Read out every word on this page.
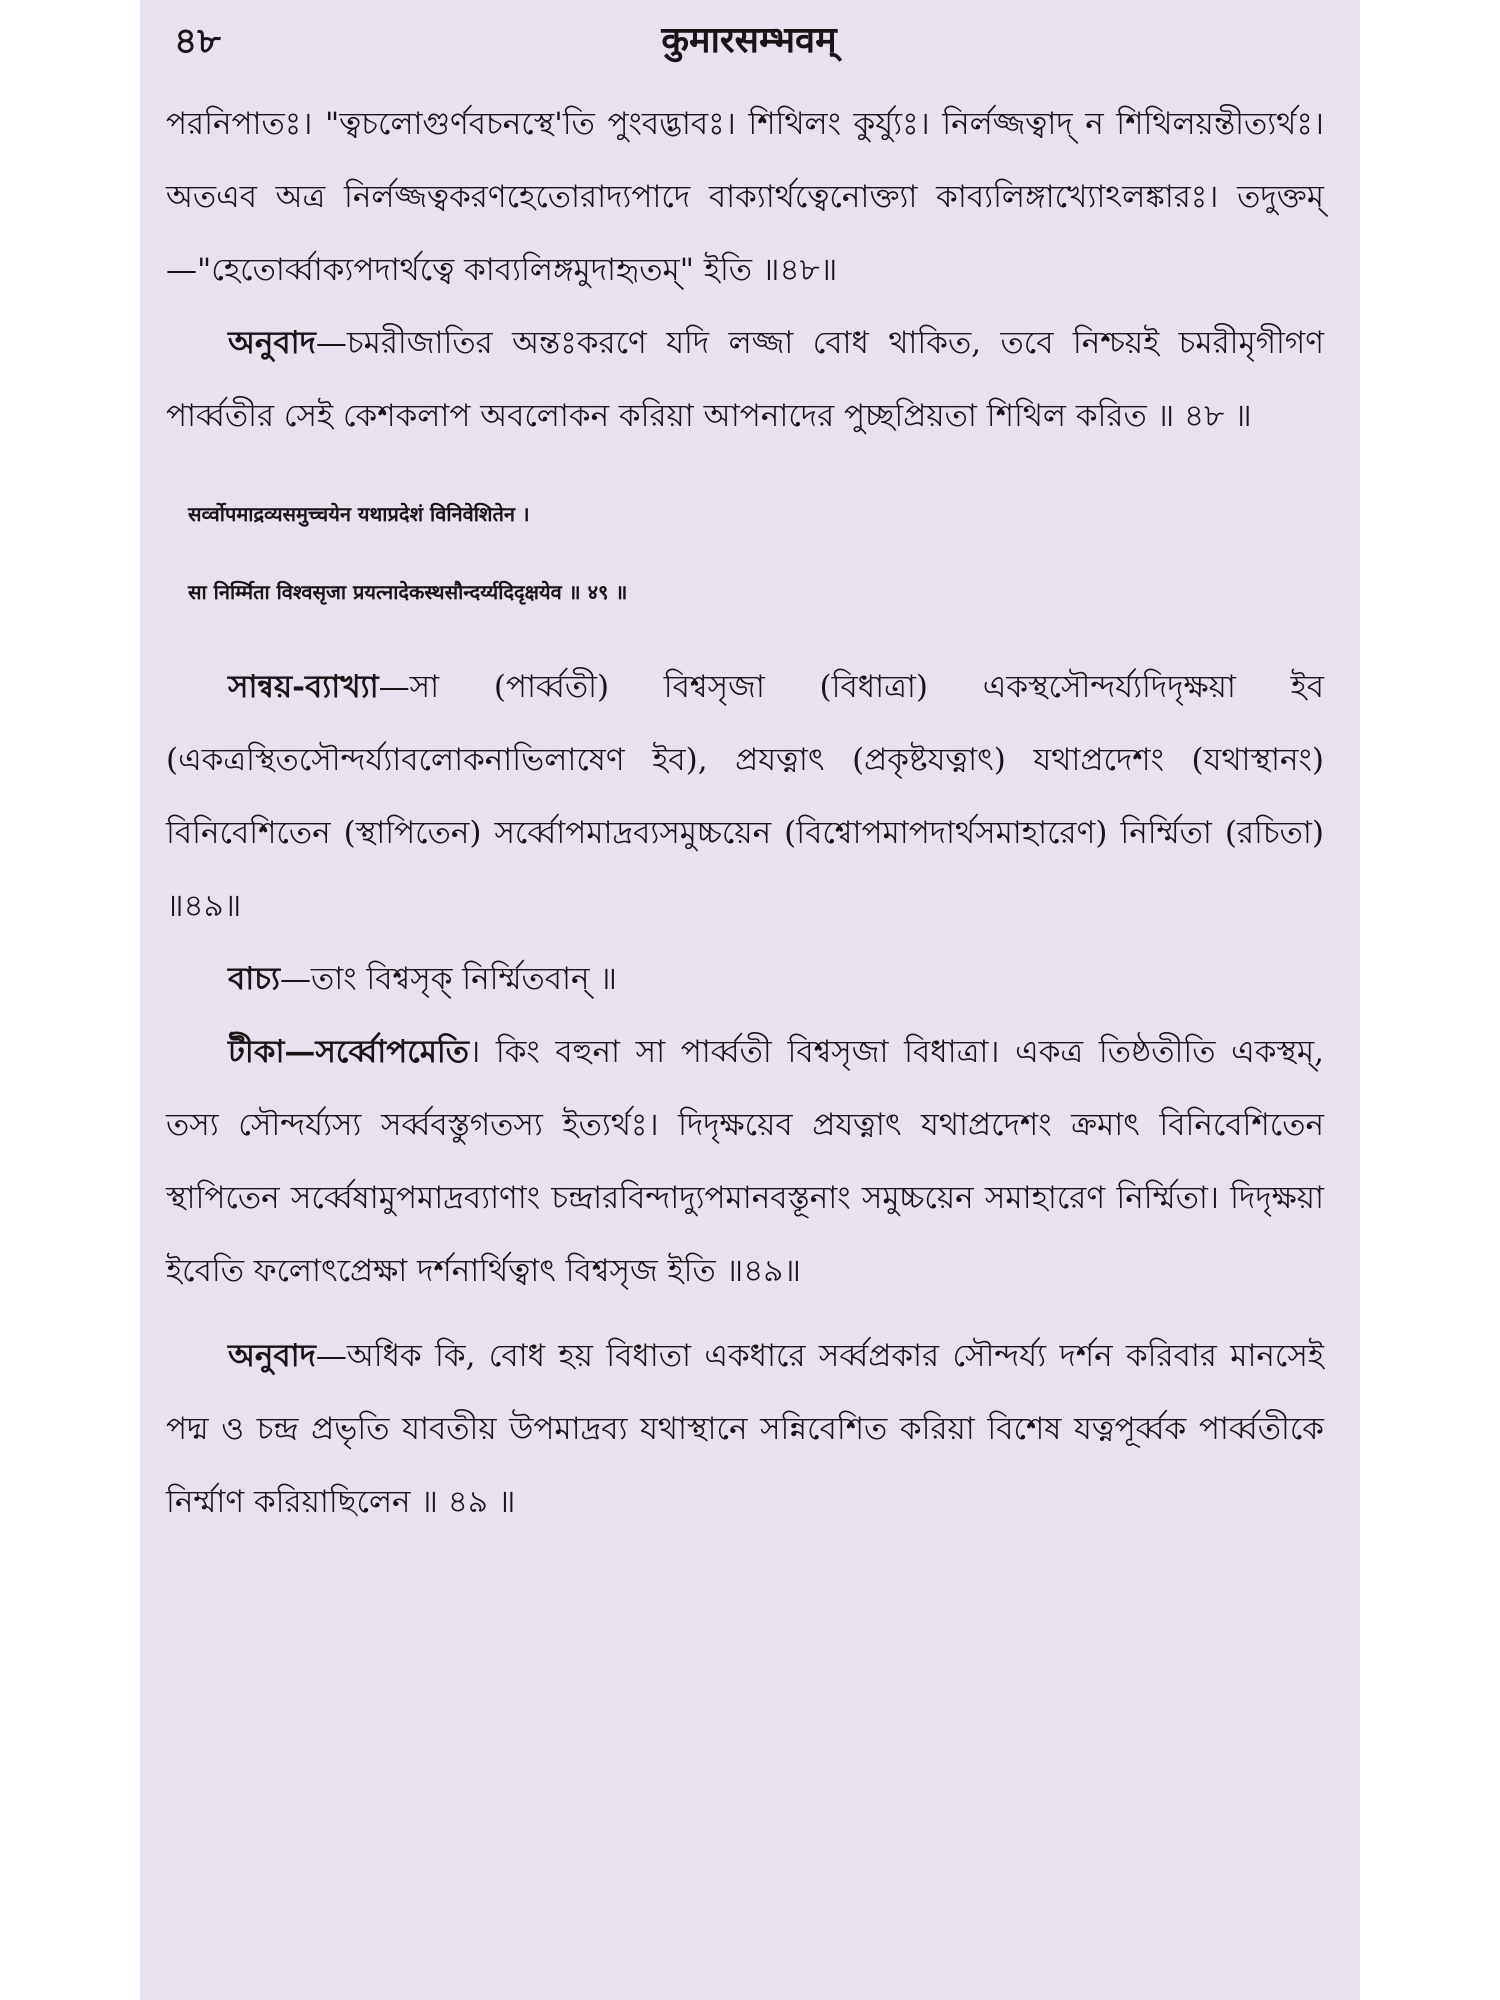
৪৮	कुमारसम्भवम्

পরনিপাতঃ। "ত্বচলোগুর্ণবচনস্থে'তি পুংবদ্ভাবঃ। শিথিলং কুর্য্যুঃ। নির্লজ্জত্বাদ্ ন শিথিলয়ন্তীত্যর্থঃ। অতএব অত্র নির্লজ্জত্বকরণহেতোরাদ্যপাদে বাক্যার্থত্বেনোক্ত্যা কাব্যলিঙ্গাখ্যোঽলঙ্কারঃ। তদুক্তম্—"হেতোর্ব্বাক্যপদার্থত্বে কাব্যলিঙ্গমুদাহৃতম্" ইতি ॥৪৮॥

অনুবাদ—চমরীজাতির অন্তঃকরণে যদি লজ্জা বোধ থাকিত, তবে নিশ্চয়ই চমরীমৃগীগণ পার্ব্বতীর সেই কেশকলাপ অবলোকন করিয়া আপনাদের পুচ্ছপ্রিয়তা শিথিল করিত ॥ ৪৮ ॥

सर्व्वोपमाद्रव्यसमुच्चयेन यथाप्रदेशं विनिवेशितेन ।
सा निर्म्मिता विश्वसृजा प्रयत्नादेकस्थसौन्दर्य्यदिदृक्षयेव ॥ ४९ ॥

সান্বয়-ব্যাখ্যা—সা (পার্ব্বতী) বিশ্বসৃজা (বিধাত্রা) একস্থসৌন্দর্য্যদিদৃক্ষয়া ইব (একত্রস্থিতসৌন্দর্য্যাবলোকনাভিলাষেণ ইব), প্রযত্নাৎ (প্রকৃষ্টযত্নাৎ) যথাপ্রদেশং (যথাস্থানং) বিনিবেশিতেন (স্থাপিতেন) সর্ব্বোপমাদ্রব্যসমুচ্চয়েন (বিশ্বোপমাপদার্থসমাহারেণ) নির্ম্মিতা (রচিতা) ॥৪৯॥

বাচ্য—তাং বিশ্বসৃক্ নির্ম্মিতবান্ ॥

টীকা—সর্ব্বোপমেতি। কিং বহুনা সা পার্ব্বতী বিশ্বসৃজা বিধাত্রা। একত্র তিষ্ঠতীতি একস্থম্, তস্য সৌন্দর্য্যস্য সর্ব্ববস্তুগতস্য ইত্যর্থঃ। দিদৃক্ষয়েব প্রযত্নাৎ যথাপ্রদেশং ক্রমাৎ বিনিবেশিতেন স্থাপিতেন সর্ব্বেষামুপমাদ্রব্যাণাং চন্দ্রারবিন্দাদ্যুপমানবস্তূনাং সমুচ্চয়েন সমাহারেণ নির্ম্মিতা। দিদৃক্ষয়া ইবেতি ফলোৎপ্রেক্ষা দর্শনার্থিত্বাৎ বিশ্বসৃজ ইতি ॥৪৯॥

অনুবাদ—অধিক কি, বোধ হয় বিধাতা একধারে সর্ব্বপ্রকার সৌন্দর্য্য দর্শন করিবার মানসেই পদ্ম ও চন্দ্র প্রভৃতি যাবতীয় উপমাদ্রব্য যথাস্থানে সন্নিবেশিত করিয়া বিশেষ যত্নপূর্ব্বক পার্ব্বতীকে নির্ম্মাণ করিয়াছিলেন ॥ ৪৯ ॥
